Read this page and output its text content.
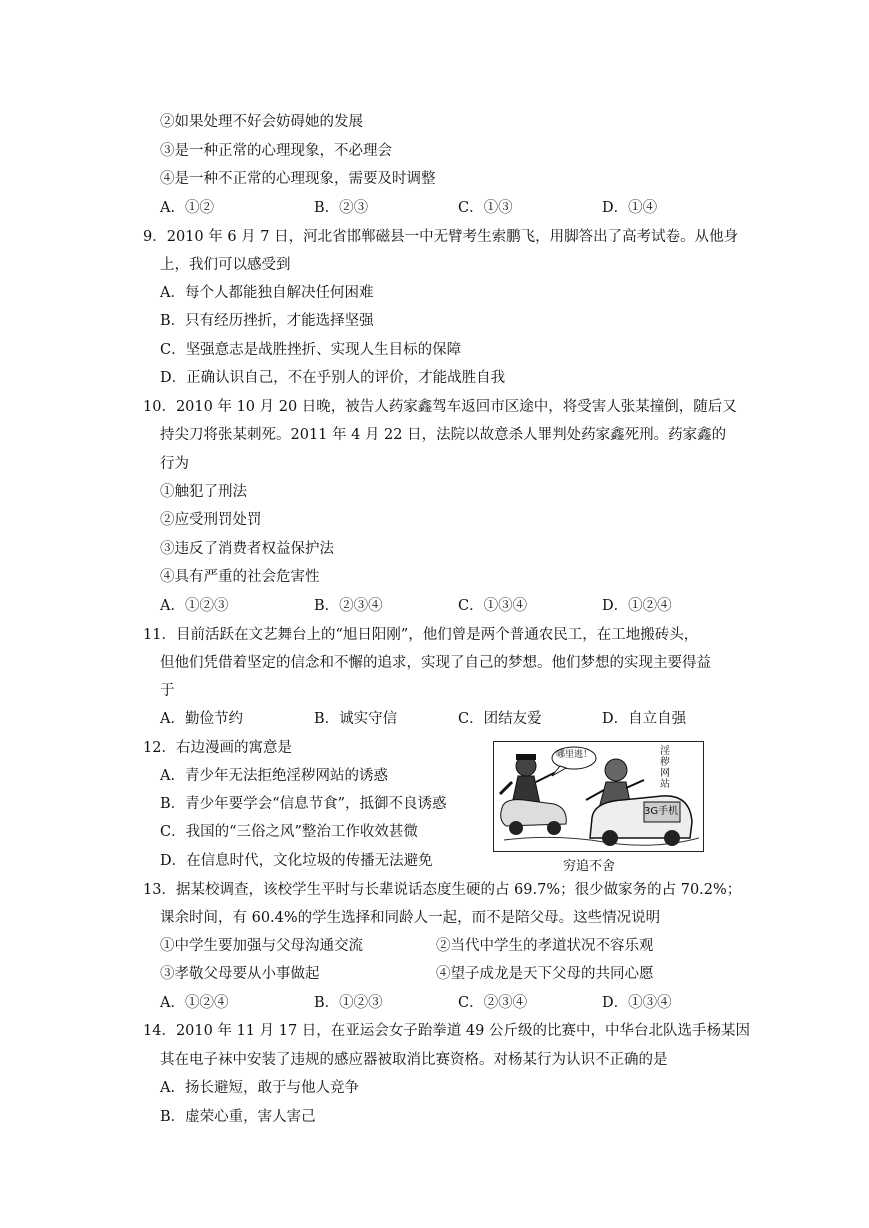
②如果处理不好会妨碍她的发展
③是一种正常的心理现象，不必理会
④是一种不正常的心理现象，需要及时调整
A．①②	B．②③	C．①③	D．①④
9．2010 年 6 月 7 日，河北省邯郸磁县一中无臂考生索鹏飞，用脚答出了高考试卷。从他身
上，我们可以感受到
A．每个人都能独自解决任何困难
B．只有经历挫折，才能选择坚强
C．坚强意志是战胜挫折、实现人生目标的保障
D．正确认识自己，不在乎别人的评价，才能战胜自我
10．2010 年 10 月 20 日晚，被告人药家鑫驾车返回市区途中，将受害人张某撞倒，随后又
持尖刀将张某刺死。2011 年 4 月 22 日，法院以故意杀人罪判处药家鑫死刑。药家鑫的
行为
①触犯了刑法
②应受刑罚处罚
③违反了消费者权益保护法
④具有严重的社会危害性
A．①②③	B．②③④	C．①③④	D．①②④
11．目前活跃在文艺舞台上的“旭日阳刚”，他们曾是两个普通农民工，在工地搬砖头，
但他们凭借着坚定的信念和不懈的追求，实现了自己的梦想。他们梦想的实现主要得益
于
A．勤俭节约	B．诚实守信	C．团结友爱	D．自立自强
12．右边漫画的寓意是
A．青少年无法拒绝淫秽网站的诱惑
B．青少年要学会“信息节食”，抵御不良诱惑
C．我国的“三俗之风”整治工作收效甚微
D．在信息时代，文化垃圾的传播无法避免
哪里逃！	淫秽网站
3G手机
穷追不舍
13．据某校调查，该校学生平时与长辈说话态度生硬的占 69.7%；很少做家务的占 70.2%；
课余时间，有 60.4%的学生选择和同龄人一起，而不是陪父母。这些情况说明
①中学生要加强与父母沟通交流	②当代中学生的孝道状况不容乐观
③孝敬父母要从小事做起	④望子成龙是天下父母的共同心愿
A．①②④	B．①②③	C．②③④	D．①③④
14．2010 年 11 月 17 日，在亚运会女子跆拳道 49 公斤级的比赛中，中华台北队选手杨某因
其在电子袜中安装了违规的感应器被取消比赛资格。对杨某行为认识不正确的是
A．扬长避短，敢于与他人竞争
B．虚荣心重，害人害己
